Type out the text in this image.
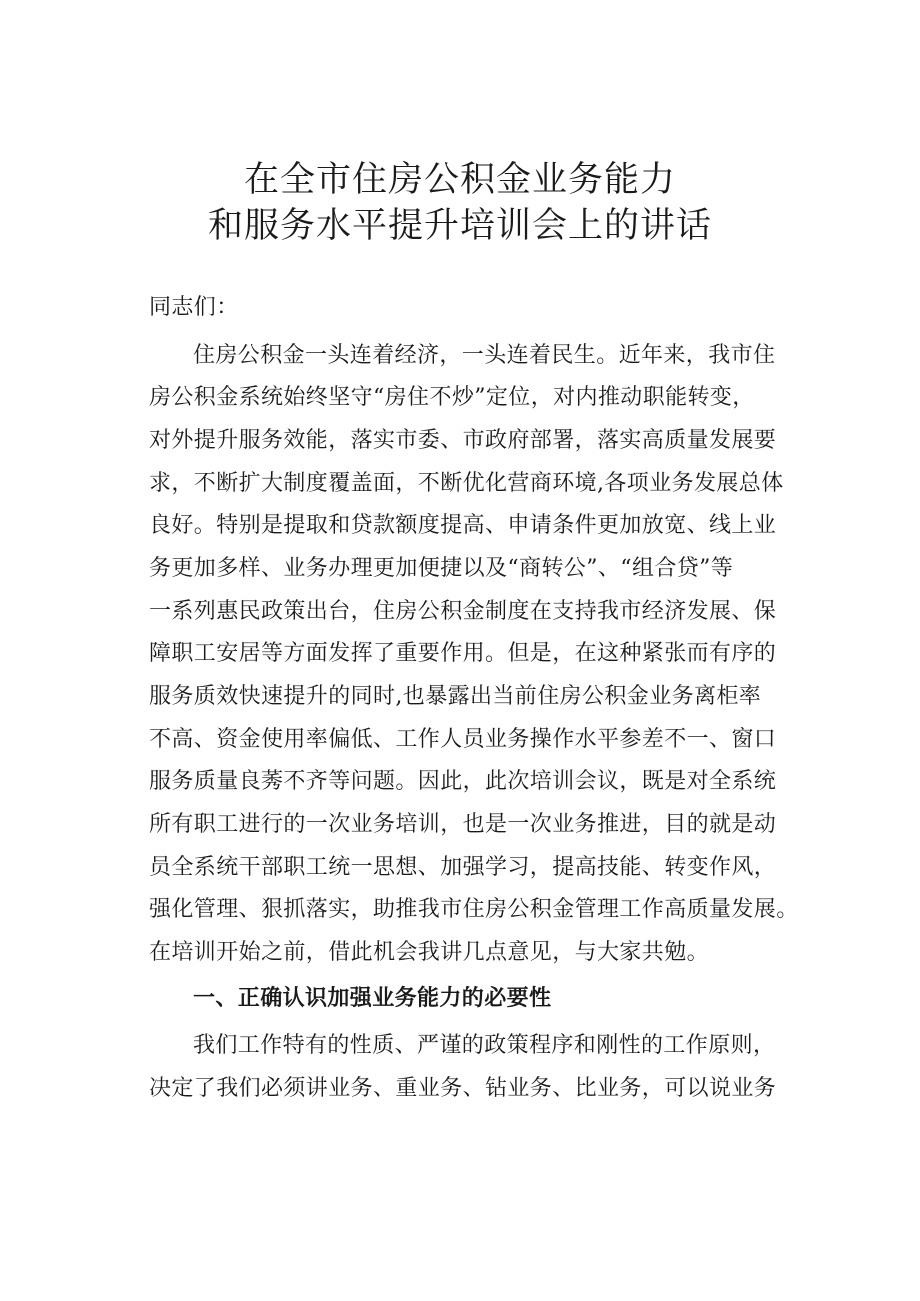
在全市住房公积金业务能力
和服务水平提升培训会上的讲话
同志们：
住房公积金一头连着经济，一头连着民生。近年来，我市住
房公积金系统始终坚守“房住不炒”定位，对内推动职能转变，
对外提升服务效能，落实市委、市政府部署，落实高质量发展要
求，不断扩大制度覆盖面，不断优化营商环境,各项业务发展总体
良好。特别是提取和贷款额度提高、申请条件更加放宽、线上业
务更加多样、业务办理更加便捷以及“商转公”、“组合贷”等
一系列惠民政策出台，住房公积金制度在支持我市经济发展、保
障职工安居等方面发挥了重要作用。但是，在这种紧张而有序的
服务质效快速提升的同时,也暴露出当前住房公积金业务离柜率
不高、资金使用率偏低、工作人员业务操作水平参差不一、窗口
服务质量良莠不齐等问题。因此，此次培训会议，既是对全系统
所有职工进行的一次业务培训，也是一次业务推进，目的就是动
员全系统干部职工统一思想、加强学习，提高技能、转变作风，
强化管理、狠抓落实，助推我市住房公积金管理工作高质量发展。
在培训开始之前，借此机会我讲几点意见，与大家共勉。
一、正确认识加强业务能力的必要性
我们工作特有的性质、严谨的政策程序和刚性的工作原则，
决定了我们必须讲业务、重业务、钻业务、比业务，可以说业务
